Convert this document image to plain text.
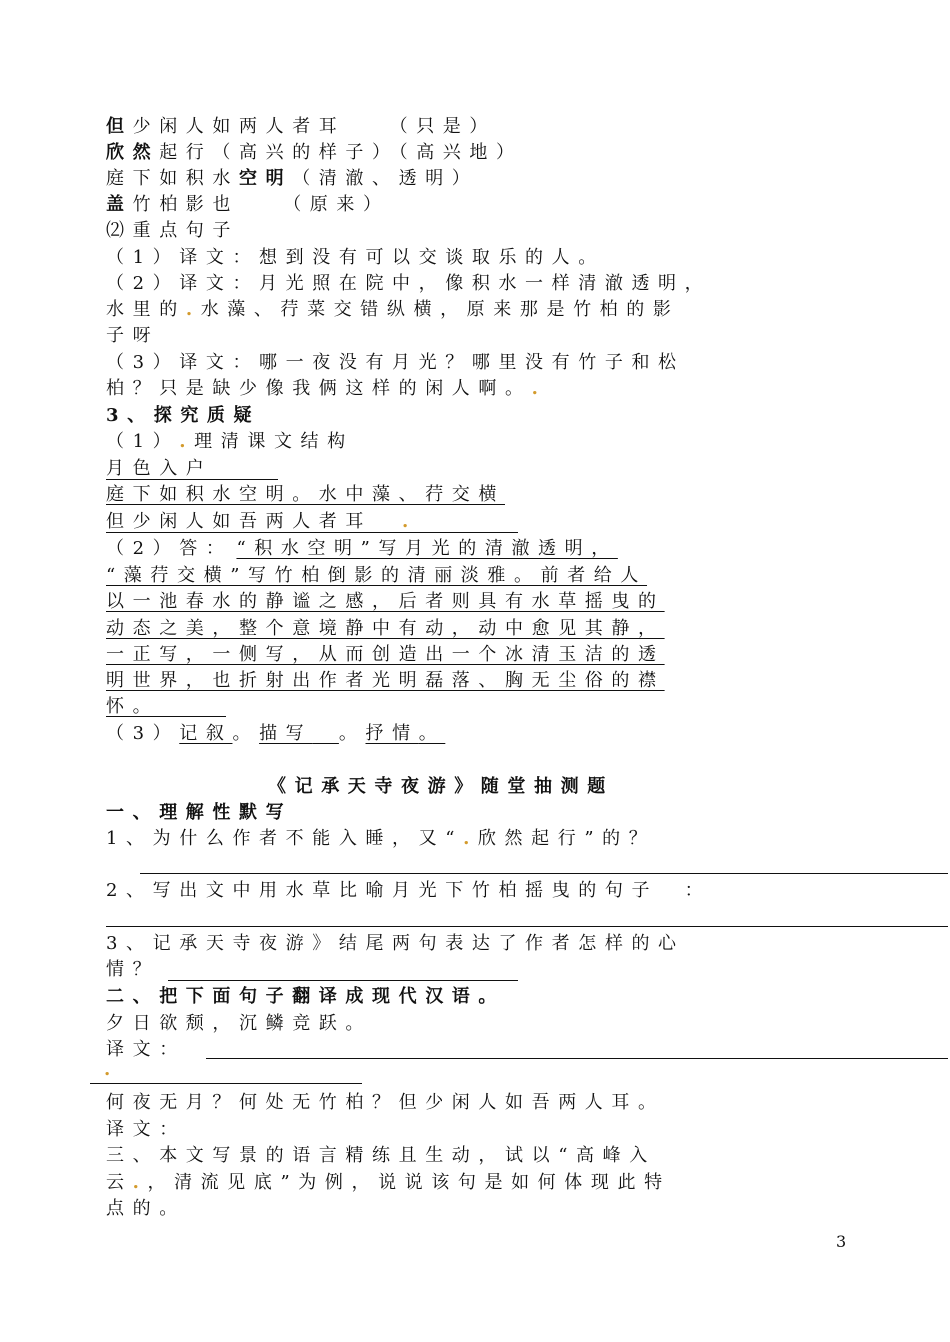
但少闲人如两人者耳　　（只是）
欣然起行（高兴的样子）（高兴地）
庭下如积水空明（清澈、透明）
盖竹柏影也　　（原来）
⑵重点句子
（1）译文：想到没有可以交谈取乐的人。
（2）译文：月光照在院中，像积水一样清澈透明，
水里的.水藻、荇菜交错纵横，原来那是竹柏的影
子呀
（3）译文：哪一夜没有月光？哪里没有竹子和松
柏？只是缺少像我俩这样的闲人啊。.
3、探究质疑
（1）.理清课文结构
月色入户
庭下如积水空明。水中藻、荇交横
但少闲人如吾两人者耳 .
（2）答： “积水空明”写月光的清澈透明，
“藻荇交横”写竹柏倒影的清丽淡雅。前者给人
以一池春水的静谧之感，后者则具有水草摇曳的
动态之美，整个意境静中有动，动中愈见其静，
一正写，一侧写，从而创造出一个冰清玉洁的透
明世界，也折射出作者光明磊落、胸无尘俗的襟
怀。
（3）记叙。描写　 。抒情。
《记承天寺夜游》随堂抽测题
一、理解性默写
1、为什么作者不能入睡，又“.欣然起行”的？
2、写出文中用水草比喻月光下竹柏摇曳的句子　：
3、记承天寺夜游》结尾两句表达了作者怎样的心
情？
二、把下面句子翻译成现代汉语。
夕日欲颓，沉鳞竞跃。
译文：
.
何夜无月？何处无竹柏？但少闲人如吾两人耳。
译文：
三、本文写景的语言精练且生动，试以“高峰入
云.，清流见底”为例，说说该句是如何体现此特
点的。
3
